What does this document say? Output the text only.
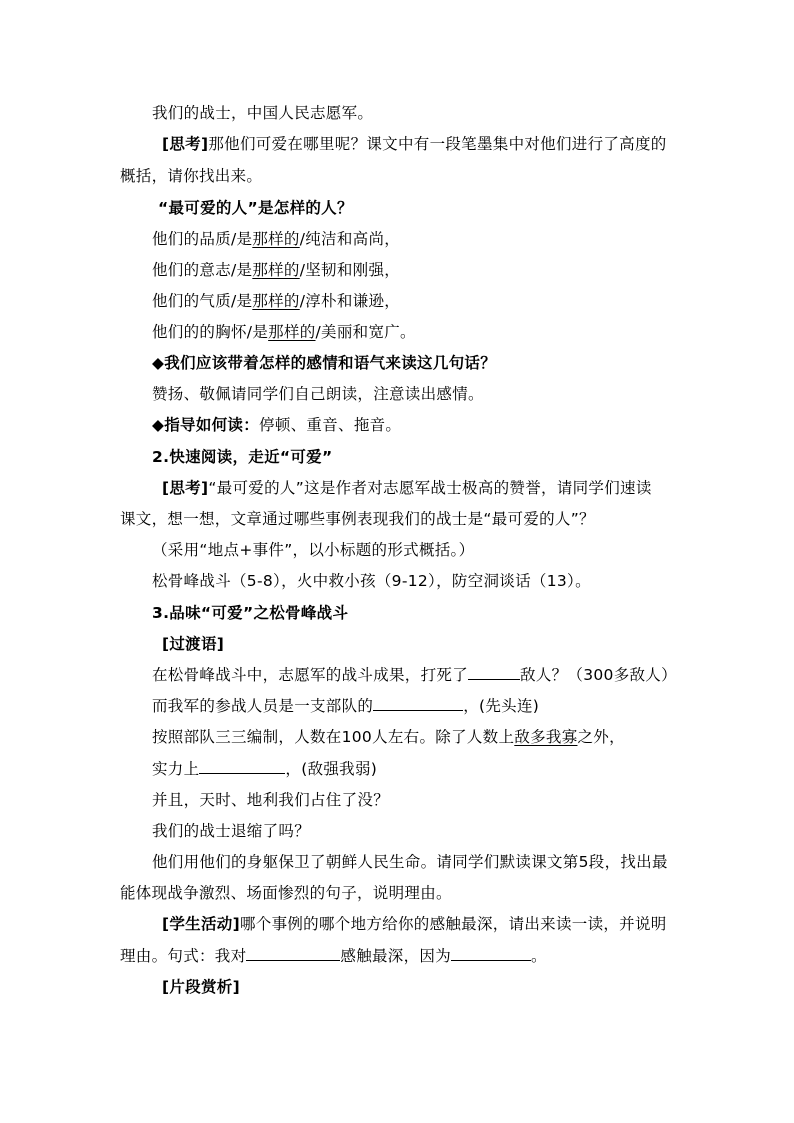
我们的战士，中国人民志愿军。
[思考]那他们可爱在哪里呢？课文中有一段笔墨集中对他们进行了高度的
概括，请你找出来。
“最可爱的人”是怎样的人？
他们的品质/是那样的/纯洁和高尚，
他们的意志/是那样的/坚韧和刚强，
他们的气质/是那样的/淳朴和谦逊，
他们的的胸怀/是那样的/美丽和宽广。
◆我们应该带着怎样的感情和语气来读这几句话？
赞扬、敬佩请同学们自己朗读，注意读出感情。
◆指导如何读：停顿、重音、拖音。
2.快速阅读，走近“可爱”
[思考]“最可爱的人”这是作者对志愿军战士极高的赞誉，请同学们速读
课文，想一想，文章通过哪些事例表现我们的战士是“最可爱的人”？
（采用“地点+事件”，以小标题的形式概括。）
松骨峰战斗（5-8），火中救小孩（9-12），防空洞谈话（13）。
3.品味“可爱”之松骨峰战斗
[过渡语]
在松骨峰战斗中，志愿军的战斗成果，打死了	敌人？（300多敌人）
而我军的参战人员是一支部队的	，(先头连)
按照部队三三编制，人数在100人左右。除了人数上敌多我寡之外，
实力上	，(敌强我弱)
并且，天时、地利我们占住了没？
我们的战士退缩了吗？
他们用他们的身躯保卫了朝鲜人民生命。请同学们默读课文第5段，找出最
能体现战争激烈、场面惨烈的句子，说明理由。
[学生活动]哪个事例的哪个地方给你的感触最深，请出来读一读，并说明
理由。句式：我对	感触最深，因为	。
[片段赏析]
